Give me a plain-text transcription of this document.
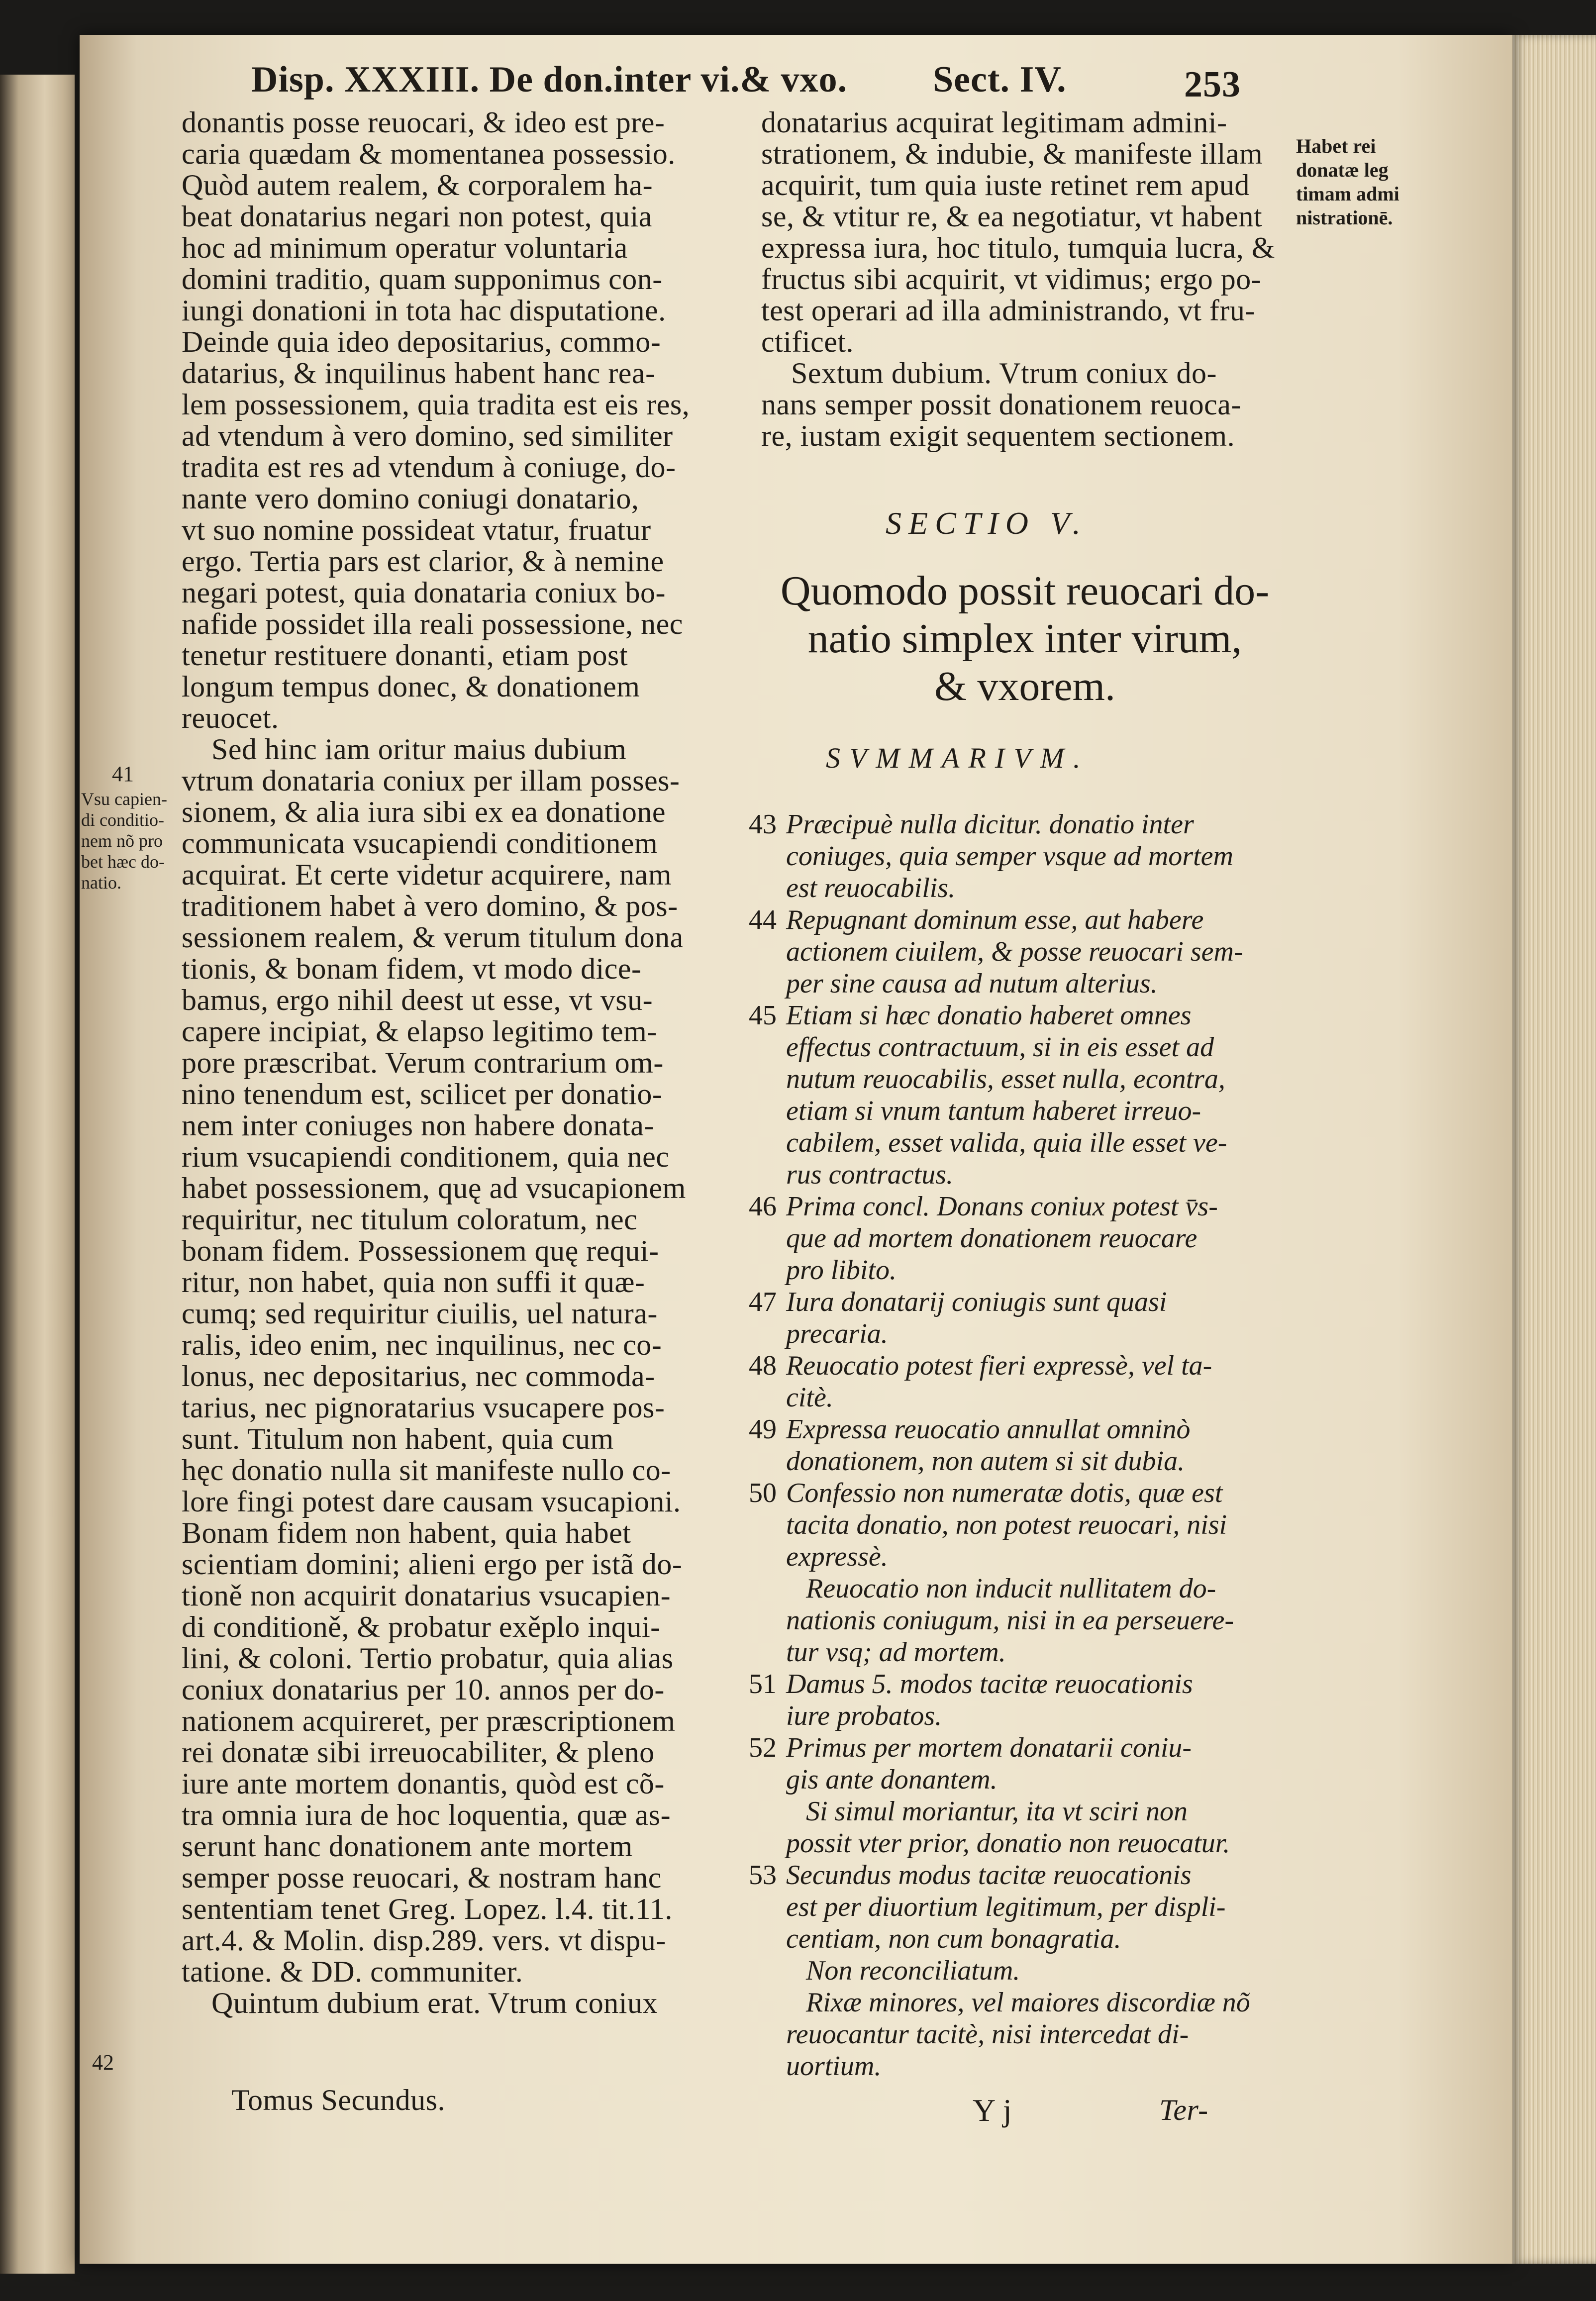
Disp. XXXIII. De don.inter vi.& vxo. Sect. IV.	253
donantis posse reuocari, & ideo est pre-
caria quædam & momentanea possessio.
Quòd autem realem, & corporalem ha-
beat donatarius negari non potest, quia
hoc ad minimum operatur voluntaria
domini traditio, quam supponimus con-
iungi donationi in tota hac disputatione.
Deinde quia ideo depositarius, commo-
datarius, & inquilinus habent hanc rea-
lem possessionem, quia tradita est eis res,
ad vtendum à vero domino, sed similiter
tradita est res ad vtendum à coniuge, do-
nante vero domino coniugi donatario,
vt suo nomine possideat vtatur, fruatur
ergo. Tertia pars est clarior, & à nemine
negari potest, quia donataria coniux bo-
nafide possidet illa reali possessione, nec
tenetur restituere donanti, etiam post
longum tempus donec, & donationem
reuocet.
Sed hinc iam oritur maius dubium
vtrum donataria coniux per illam posses-
sionem, & alia iura sibi ex ea donatione
communicata vsucapiendi conditionem
acquirat. Et certe videtur acquirere, nam
traditionem habet à vero domino, & pos-
sessionem realem, & verum titulum dona
tionis, & bonam fidem, vt modo dice-
bamus, ergo nihil deest ut esse, vt vsu-
capere incipiat, & elapso legitimo tem-
pore præscribat. Verum contrarium om-
nino tenendum est, scilicet per donatio-
nem inter coniuges non habere donata-
rium vsucapiendi conditionem, quia nec
habet possessionem, quę ad vsucapionem
requiritur, nec titulum coloratum, nec
bonam fidem. Possessionem quę requi-
ritur, non habet, quia non suffi it quæ-
cumq; sed requiritur ciuilis, uel natura-
ralis, ideo enim, nec inquilinus, nec co-
lonus, nec depositarius, nec commoda-
tarius, nec pignoratarius vsucapere pos-
sunt. Titulum non habent, quia cum
hęc donatio nulla sit manifeste nullo co-
lore fingi potest dare causam vsucapioni.
Bonam fidem non habent, quia habet
scientiam domini; alieni ergo per istã do-
tioně non acquirit donatarius vsucapien-
di conditioně, & probatur exěplo inqui-
lini, & coloni. Tertio probatur, quia alias
coniux donatarius per 10. annos per do-
nationem acquireret, per præscriptionem
rei donatæ sibi irreuocabiliter, & pleno
iure ante mortem donantis, quòd est cõ-
tra omnia iura de hoc loquentia, quæ as-
serunt hanc donationem ante mortem
semper posse reuocari, & nostram hanc
sententiam tenet Greg. Lopez. l.4. tit.11.
art.4. & Molin. disp.289. vers. vt dispu-
tatione. & DD. communiter.
Quintum dubium erat. Vtrum coniux
Tomus Secundus.
41
Vsu capien-
di conditio-
nem nõ pro
bet hæc do-
natio.
42
donatarius acquirat legitimam admini-
strationem, & indubie, & manifeste illam
acquirit, tum quia iuste retinet rem apud
se, & vtitur re, & ea negotiatur, vt habent
expressa iura, hoc titulo, tumquia lucra, &
fructus sibi acquirit, vt vidimus; ergo po-
test operari ad illa administrando, vt fru-
ctificet.
Sextum dubium. Vtrum coniux do-
nans semper possit donationem reuoca-
re, iustam exigit sequentem sectionem.
SECTIO V.
Quomodo possit reuocari do-
natio simplex inter virum,
& vxorem.
SVMMARIVM.
43 Præcipuè nulla dicitur. donatio inter
coniuges, quia semper vsque ad mortem
est reuocabilis.
44 Repugnant dominum esse, aut habere
actionem ciuilem, & posse reuocari sem-
per sine causa ad nutum alterius.
45 Etiam si hæc donatio haberet omnes
effectus contractuum, si in eis esset ad
nutum reuocabilis, esset nulla, econtra,
etiam si vnum tantum haberet irreuo-
cabilem, esset valida, quia ille esset ve-
rus contractus.
46 Prima concl. Donans coniux potest v̄s-
que ad mortem donationem reuocare
pro libito.
47 Iura donatarij coniugis sunt quasi
precaria.
48 Reuocatio potest fieri expressè, vel ta-
citè.
49 Expressa reuocatio annullat omninò
donationem, non autem si sit dubia.
50 Confessio non numeratæ dotis, quæ est
tacita donatio, non potest reuocari, nisi
expressè.
Reuocatio non inducit nullitatem do-
nationis coniugum, nisi in ea perseuere-
tur vsq; ad mortem.
51 Damus 5. modos tacitæ reuocationis
iure probatos.
52 Primus per mortem donatarii coniu-
gis ante donantem.
Si simul moriantur, ita vt sciri non
possit vter prior, donatio non reuocatur.
53 Secundus modus tacitæ reuocationis
est per diuortium legitimum, per displi-
centiam, non cum bonagratia.
Non reconciliatum.
Rixæ minores, vel maiores discordiæ nõ
reuocantur tacitè, nisi intercedat di-
uortium.
Y j	Ter-
Habet rei
donatæ leg
timam admi
nistrationē.
